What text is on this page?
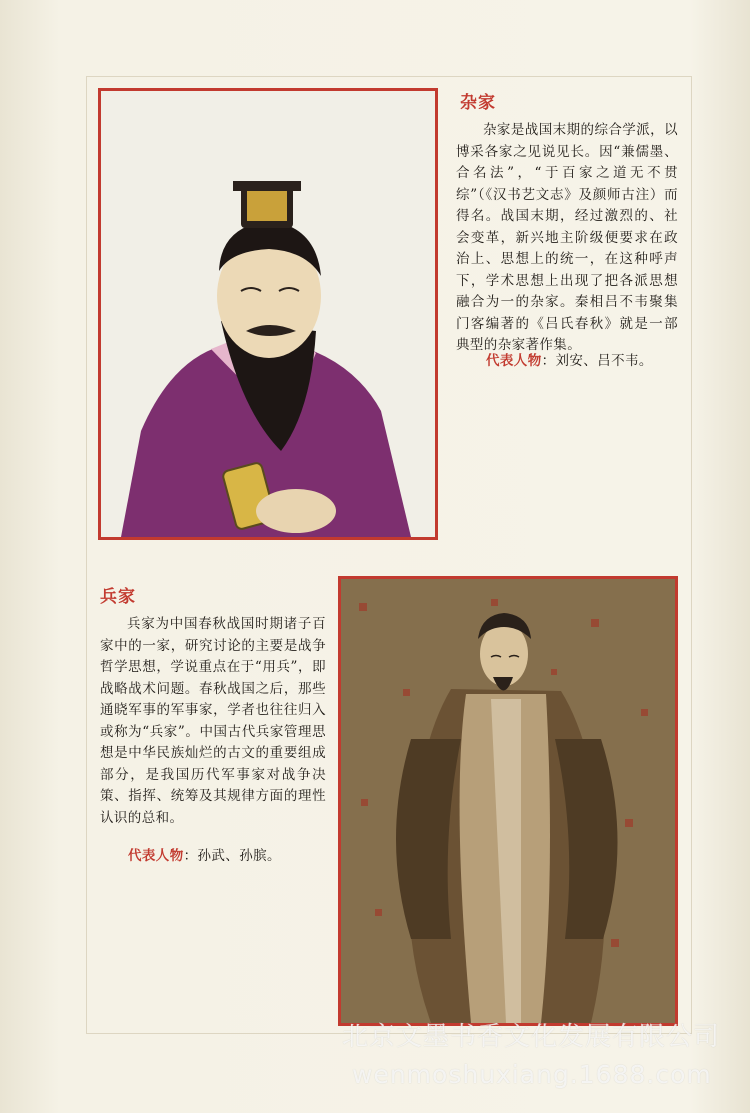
杂家
杂家是战国末期的综合学派，以博采各家之见说见长。因“兼儒墨、合名法”，“于百家之道无不贯综”（《汉书艺文志》及颜师古注）而得名。战国末期，经过激烈的、社会变革，新兴地主阶级便要求在政治上、思想上的统一，在这种呼声下，学术思想上出现了把各派思想融合为一的杂家。秦相吕不韦聚集门客编著的《吕氏春秋》就是一部典型的杂家著作集。
代表人物：刘安、吕不韦。
兵家
兵家为中国春秋战国时期诸子百家中的一家，研究讨论的主要是战争哲学思想，学说重点在于“用兵”，即战略战术问题。春秋战国之后，那些通晓军事的军事家，学者也往往归入或称为“兵家”。中国古代兵家管理思想是中华民族灿烂的古文的重要组成部分，是我国历代军事家对战争决策、指挥、统筹及其规律方面的理性认识的总和。
代表人物：孙武、孙膑。
北京文墨书香文化发展有限公司
wenmoshuxiang.1688.com
